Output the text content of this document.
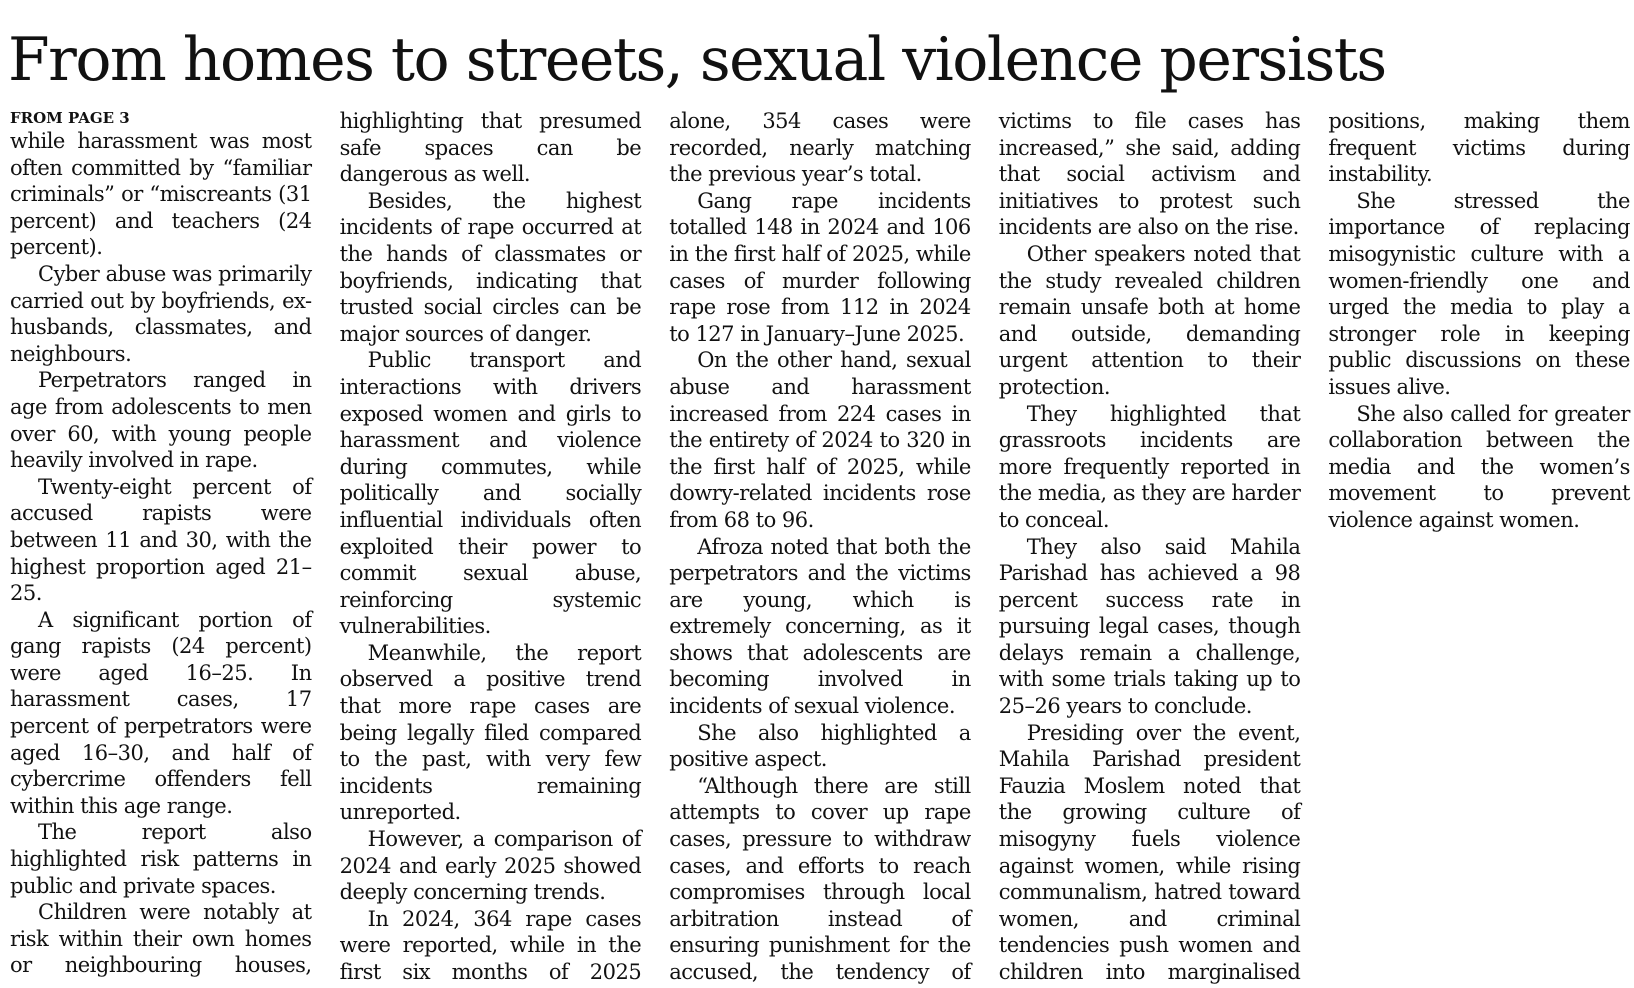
From homes to streets, sexual violence persists
FROM PAGE 3

while harassment was most often committed by “familiar criminals” or “miscreants (31 percent) and teachers (24 percent).

Cyber abuse was primarily carried out by boyfriends, ex-husbands, classmates, and neighbours.

Perpetrators ranged in age from adolescents to men over 60, with young people heavily involved in rape.

Twenty-eight percent of accused rapists were between 11 and 30, with the highest proportion aged 21–25.

A significant portion of gang rapists (24 percent) were aged 16–25. In harassment cases, 17 percent of perpetrators were aged 16–30, and half of cybercrime offenders fell within this age range.

The report also highlighted risk patterns in public and private spaces.

Children were notably at risk within their own homes or neighbouring houses, highlighting that presumed safe spaces can be dangerous as well.

Besides, the highest incidents of rape occurred at the hands of classmates or boyfriends, indicating that trusted social circles can be major sources of danger.

Public transport and interactions with drivers exposed women and girls to harassment and violence during commutes, while politically and socially influential individuals often exploited their power to commit sexual abuse, reinforcing systemic vulnerabilities.

Meanwhile, the report observed a positive trend that more rape cases are being legally filed compared to the past, with very few incidents remaining unreported.

However, a comparison of 2024 and early 2025 showed deeply concerning trends.

In 2024, 364 rape cases were reported, while in the first six months of 2025 alone, 354 cases were recorded, nearly matching the previous year’s total.

Gang rape incidents totalled 148 in 2024 and 106 in the first half of 2025, while cases of murder following rape rose from 112 in 2024 to 127 in January–June 2025.

On the other hand, sexual abuse and harassment increased from 224 cases in the entirety of 2024 to 320 in the first half of 2025, while dowry-related incidents rose from 68 to 96.

Afroza noted that both the perpetrators and the victims are young, which is extremely concerning, as it shows that adolescents are becoming involved in incidents of sexual violence.

She also highlighted a positive aspect.

“Although there are still attempts to cover up rape cases, pressure to withdraw cases, and efforts to reach compromises through local arbitration instead of ensuring punishment for the accused, the tendency of victims to file cases has increased,” she said, adding that social activism and initiatives to protest such incidents are also on the rise.

Other speakers noted that the study revealed children remain unsafe both at home and outside, demanding urgent attention to their protection.

They highlighted that grassroots incidents are more frequently reported in the media, as they are harder to conceal.

They also said Mahila Parishad has achieved a 98 percent success rate in pursuing legal cases, though delays remain a challenge, with some trials taking up to 25–26 years to conclude.

Presiding over the event, Mahila Parishad president Fauzia Moslem noted that the growing culture of misogyny fuels violence against women, while rising communalism, hatred toward women, and criminal tendencies push women and children into marginalised positions, making them frequent victims during instability.

She stressed the importance of replacing misogynistic culture with a women-friendly one and urged the media to play a stronger role in keeping public discussions on these issues alive.

She also called for greater collaboration between the media and the women’s movement to prevent violence against women.
